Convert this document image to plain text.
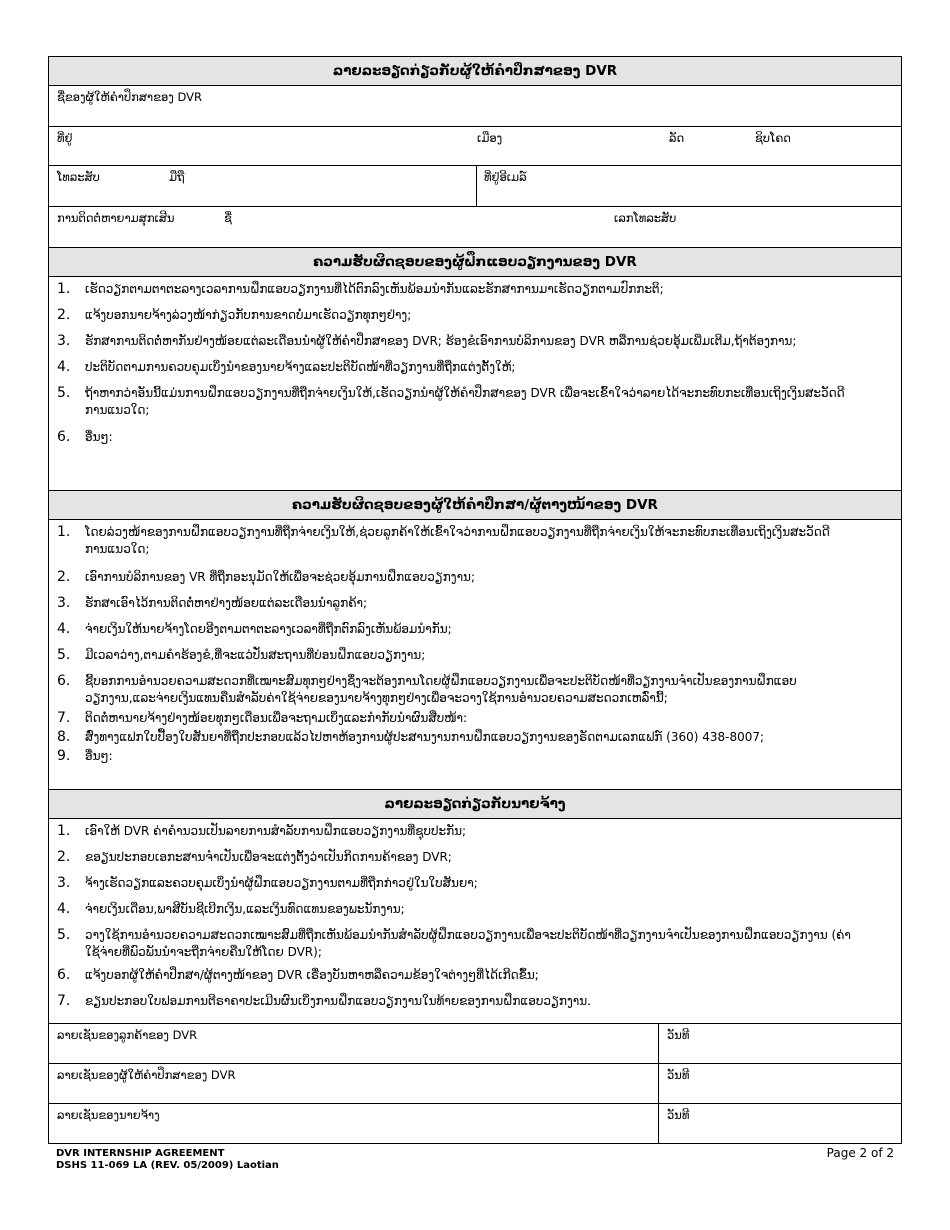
ລາຍລະອຽດກ່ຽວກັບຜູ້ໃຫ້ຄຳປຶກສາຂອງ DVR
ຊື່ຂອງຜູ້ໃຫ້ຄຳປຶກສາຂອງ DVR
ທີ່ຢູ່	ເມືອງ	ລັດ	ຊິບໂຄດ
ໂທລະສັບ	ມືຖື	ທີ່ຢູ່ອີເມລ໌
ການຕິດຕໍ່ຫາຍາມສຸກເສີນ	ຊື່	ເລກໂທລະສັບ
ຄວາມຮັບຜິດຊອບຂອງຜູ້ຝຶກແອບວຽກງານຂອງ DVR
1. ເຮັດວຽກຕາມຕາຕະລາງເວລາການຝຶກແອບວຽກງານທີ່ໄດ້ຕົກລົງເຫັນພ້ອມນຳກັນແລະຮັກສາການມາເຮັດວຽກຕາມປົກກະຕິ;
2. ແຈ້ງບອກນາຍຈ້າງລ່ວງໜ້າກ່ຽວກັບການຂາດບໍ່ມາເຮັດວຽກທຸກໆຢ່າງ;
3. ຮັກສາການຕິດຕໍ່ຫາກັນຢ່າງໜ້ອຍແຕ່ລະເດືອນນຳຜູ້ໃຫ້ຄຳປຶກສາຂອງ DVR; ຮ້ອງຂໍເອົາການບໍລິການຂອງ DVR ຫລືການຊ່ວຍອຸ້ມເພີ່ມເຕີມ,ຖ້າຕ້ອງການ;
4. ປະຕິບັດຕາມການຄວບຄຸມເບິ່ງນຳຂອງນາຍຈ້າງແລະປະຕິບັດໜ້າທີ່ວຽກງານທີ່ຖືກແຕ່ງຕັ້ງໃຫ້;
5. ຖ້າຫາກວ່າອັນນີ້ແມ່ນການຝຶກແອບວຽກງານທີ່ຖືກຈ່າຍເງິນໃຫ້,ເຮັດວຽກນຳຜູ້ໃຫ້ຄຳປຶກສາຂອງ DVR ເພື່ອຈະເຂົ້າໃຈວ່າລາຍໄດ້ຈະກະທົບກະເທືອນເຖິງເງິນສະວັດດີການແນວໃດ;
6. ອື່ນໆ:
ຄວາມຮັບຜິດຊອບຂອງຜູ້ໃຫ້ຄຳປຶກສາ/ຜູ້ຕາງໜ້າຂອງ DVR
1. ໂດຍລ່ວງໜ້າຂອງການຝຶກແອບວຽກງານທີ່ຖືກຈ່າຍເງິນໃຫ້,ຊ່ວຍລູກຄ້າໃຫ້ເຂົ້າໃຈວ່າການຝຶກແອບວຽກງານທີ່ຖືກຈ່າຍເງິນໃຫ້ຈະກະທົບກະເທືອນເຖິງເງິນສະວັດດີການແນວໃດ;
2. ເອົາການບໍລິການຂອງ VR ທີ່ຖືກອະນຸມັດໃຫ້ເພື່ອຈະຊ່ວຍອຸ້ມການຝຶກແອບວຽກງານ;
3. ຮັກສາເອົາໄວ້ການຕິດຕໍ່ຫາຢ່າງໜ້ອຍແຕ່ລະເດືອນນຳລູກຄ້າ;
4. ຈ່າຍເງິນໃຫ້ນາຍຈ້າງໂດຍອີງຕາມຕາຕະລາງເວລາທີ່ຖືກຕົກລົງເຫັນພ້ອມນຳກັນ;
5. ມີເວລາວ່າງ,ຕາມຄຳຮ້ອງຂໍ,ທີ່ຈະແວ່ປັ່ນສະຖານທີ່ບ່ອນຝຶກແອບວຽກງານ;
6. ຊີ້ບອກການອຳນວຍຄວາມສະດວກທີ່ເໝາະສົມທຸກໆຢ່າງຊຶ່ງຈະຕ້ອງການໂດຍຜູ້ຝຶກແອບວຽກງານເພື່ອຈະປະຕິບັດໜ້າທີ່ວຽກງານຈຳເປັນຂອງການຝຶກແອບວຽກງານ,ແລະຈ່າຍເງິນແທນຄືນສຳລັບຄ່າໃຊ້ຈ່າຍຂອງນາຍຈ້າງທຸກໆຢ່າງເພື່ອຈະວາງໃຊ້ການອຳນວຍຄວາມສະດວກເຫລົ່ານີ້;
7. ຕິດຕໍ່ຫານາຍຈ້າງຢ່າງໜ້ອຍທຸກໆເດືອນເພື່ອຈະຖາມເບິ່ງແລະກຳກັບນຳຜົນສືບໜ້າ:
8. ສົ່ງທາງແຟກໃບປື້ອງໃບສັນຍາທີ່ຖືກປະກອບແລ້ວໄປຫາຫ້ອງການຜູ້ປະສານງານການຝຶກແອບວຽກງານຂອງຣັດຕາມເລກແຟກ໌ (360) 438-8007;
9. ອື່ນໆ:
ລາຍລະອຽດກ່ຽວກັບນາຍຈ້າງ
1. ເອົາໃຫ້ DVR ຄ່າຄຳນວນເປັນລາຍການສຳລັບການຝຶກແອບວຽກງານທີ່ຊຸບປະກັນ;
2. ຂອຽນປະກອບເອກະສານຈຳເປັນເພື່ອຈະແຕ່ງຕັ້ງວ່າເປັນກິດການຄ້າຂອງ DVR;
3. ຈ້າງເຮັດວຽກແລະຄວບຄຸມເບິ່ງນຳຜູ້ຝຶກແອບວຽກງານຕາມທີ່ຖືກກ່າວຢູ່ໃນໃບສັນຍາ;
4. ຈ່າຍເງິນເດືອນ,ພາສີບັນຊີເບີກເງິນ,ແລະເງິນທົດແທນຂອງພະນັກງານ;
5. ວາງໃຊ້ການອຳນວຍຄວາມສະດວກເໝາະສົມທີ່ຖືກເຫັນພ້ອມນຳກັນສຳລັບຜູ້ຝຶກແອບວຽກງານເພື່ອຈະປະຕິບັດໜ້າທີ່ວຽກງານຈຳເປັນຂອງການຝຶກແອບວຽກງານ (ຄ່າໃຊ້ຈ່າຍທີ່ພົວພັນນຳຈະຖືກຈ່າຍຄືນໃຫ້ໂດຍ DVR);
6. ແຈ້ງບອກຜູ້ໃຫ້ຄຳປຶກສາ/ຜູ້ຕາງໜ້າຂອງ DVR ເຣື່ອງບັນຫາຫລືຄວາມຂ້ອງໃຈຕ່າງໆທີ່ໄດ້ເກີດຂຶ້ນ;
7. ຂຽນປະກອບໃບຟອມການຕີຣາຄາປະເມີນຜົນເບິ່ງການຝຶກແອບວຽກງານໃນທ້າຍຂອງການຝຶກແອບວຽກງານ.
ລາຍເຊັນຂອງລູກຄ້າຂອງ DVR	ວັນທີ
ລາຍເຊັນຂອງຜູ້ໃຫ້ຄຳປຶກສາຂອງ DVR	ວັນທີ
ລາຍເຊັນຂອງນາຍຈ້າງ	ວັນທີ
DVR INTERNSHIP AGREEMENT
DSHS 11-069 LA (REV. 05/2009) Laotian
Page 2 of 2
